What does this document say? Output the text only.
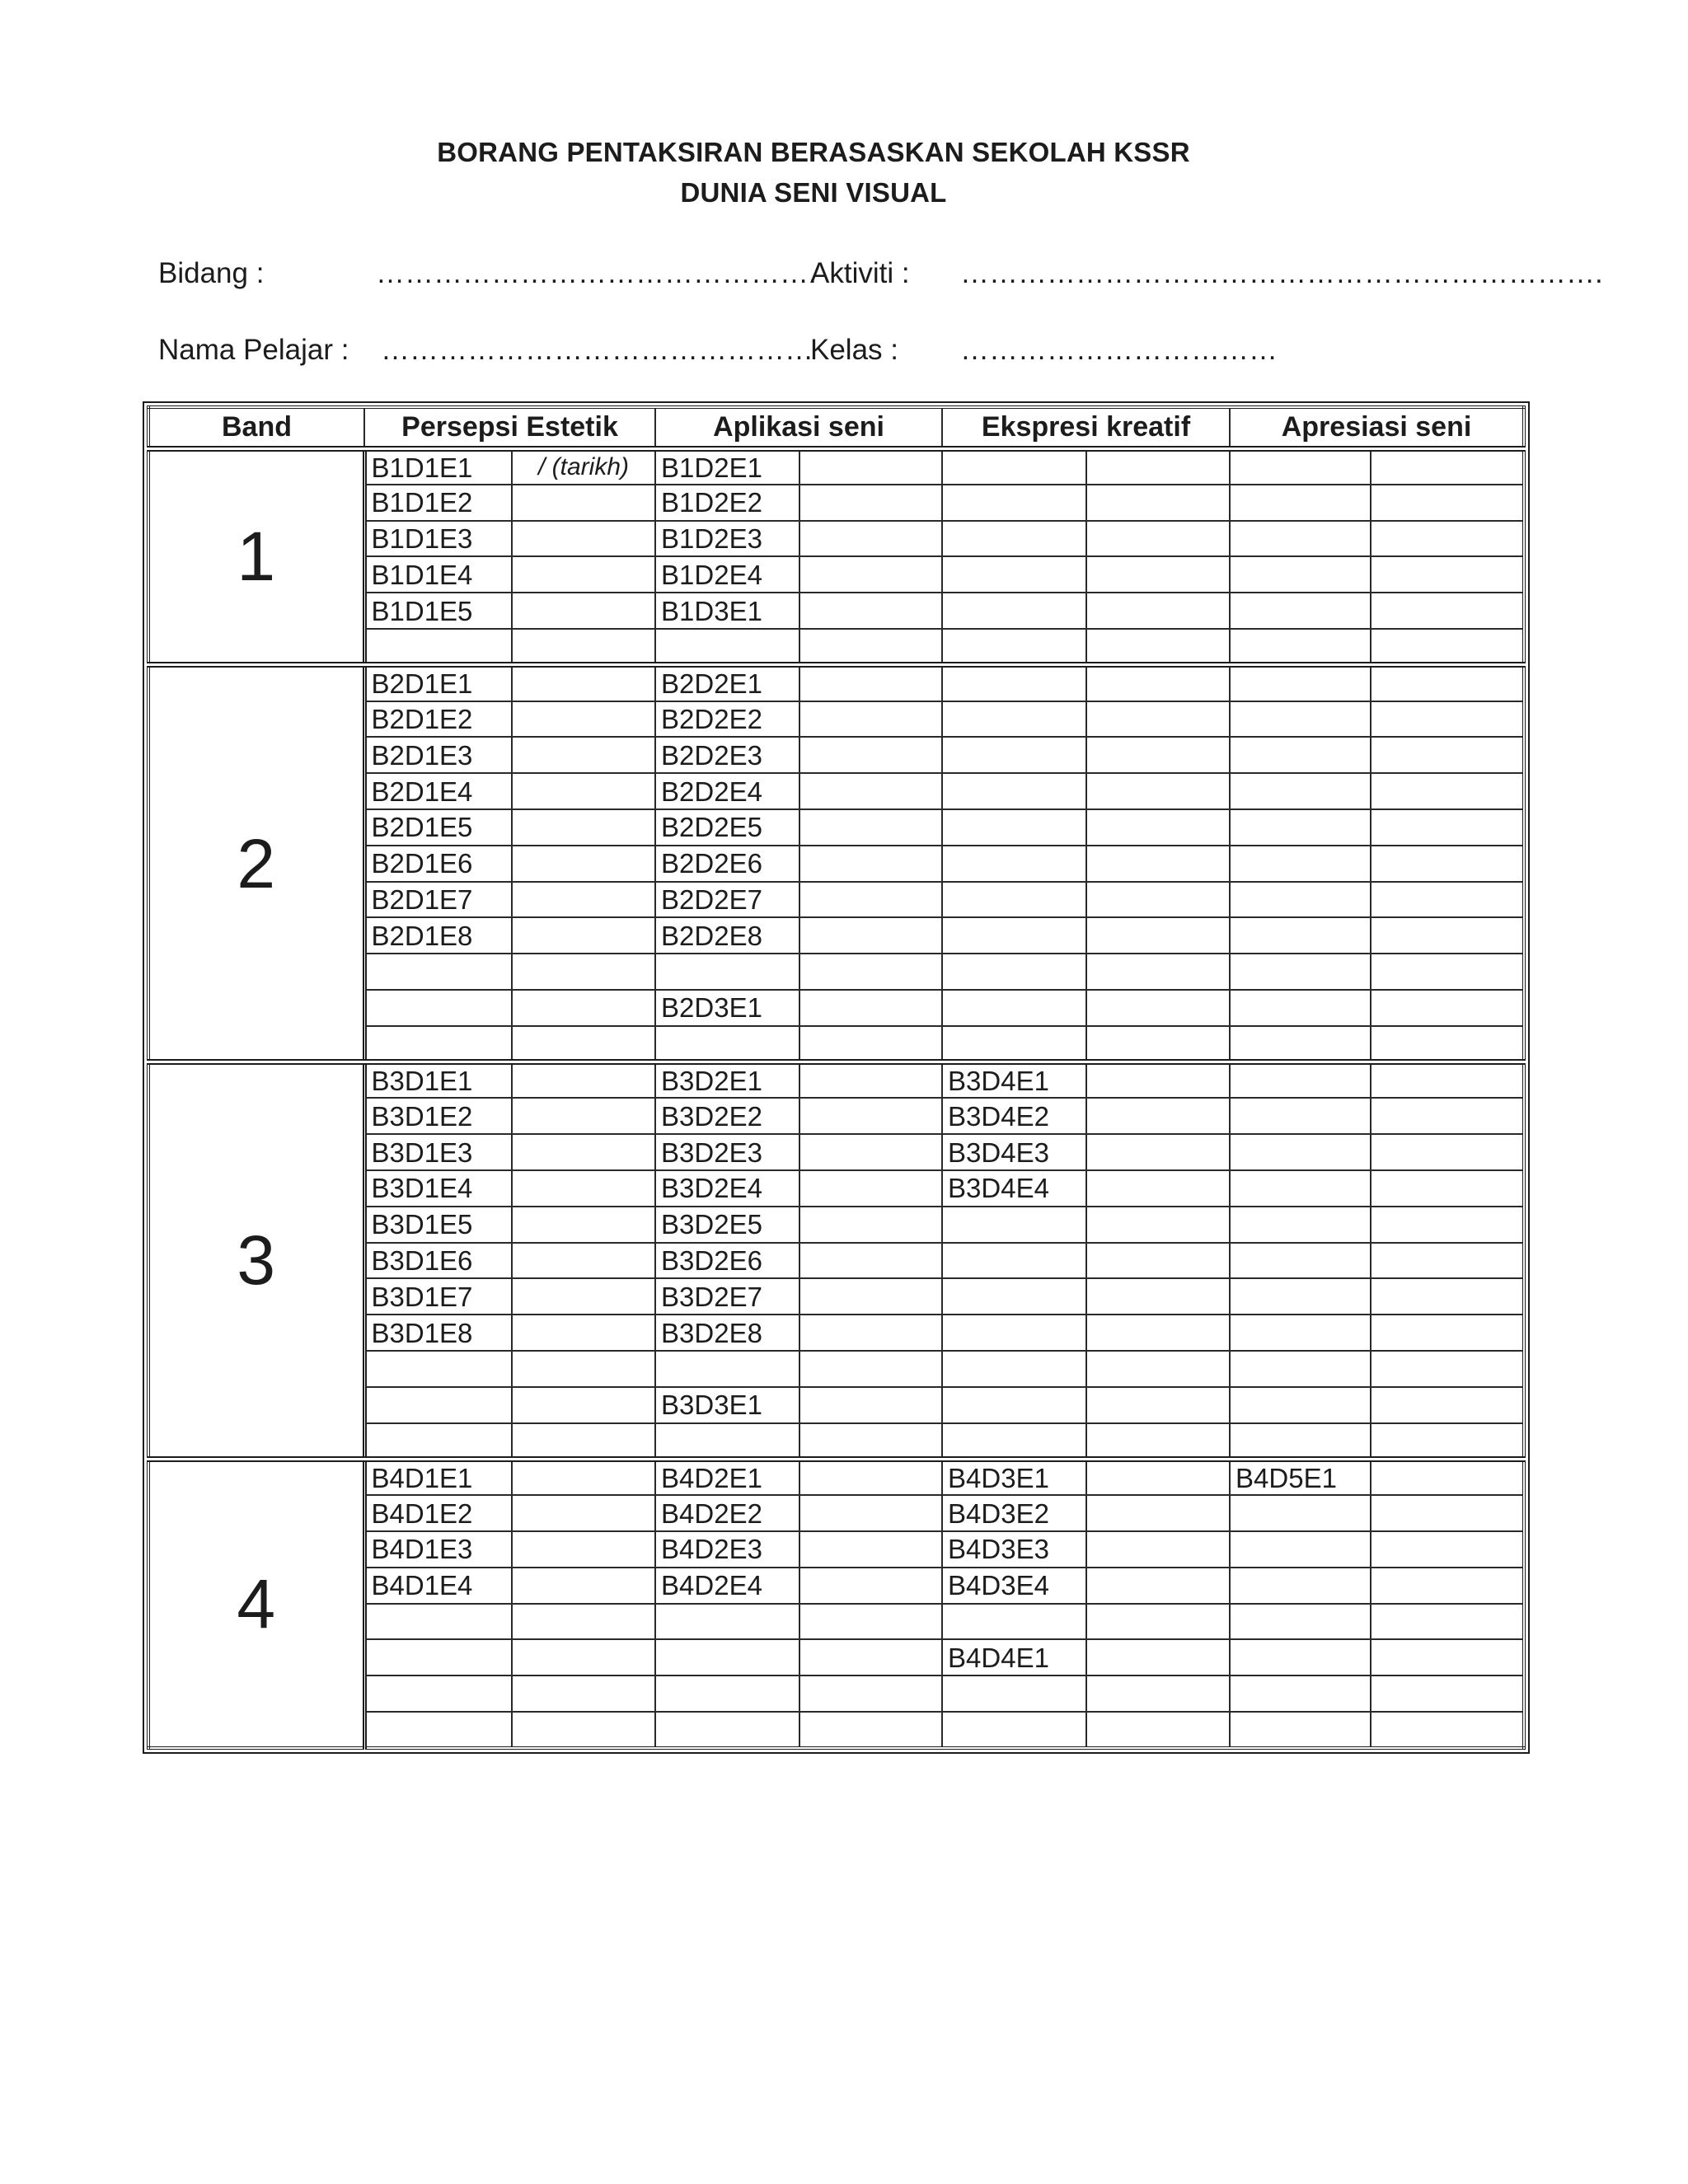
BORANG PENTAKSIRAN BERASASKAN SEKOLAH KSSR
DUNIA SENI VISUAL
Bidang :	……………………………………….
Aktiviti : ………………………………………………………….
Nama Pelajar : ………………………………………
Kelas : ……………………………
Band	Persepsi Estetik		Aplikasi seni		Ekspresi kreatif		Apresiasi seni	
1	B1D1E1	/ (tarikh)	B1D2E1					
	B1D1E2		B1D2E2					
	B1D1E3		B1D2E3					
	B1D1E4		B1D2E4					
	B1D1E5		B1D3E1					

2	B2D1E1		B2D2E1					
	B2D1E2		B2D2E2					
	B2D1E3		B2D2E3					
	B2D1E4		B2D2E4					
	B2D1E5		B2D2E5					
	B2D1E6		B2D2E6					
	B2D1E7		B2D2E7					
	B2D1E8		B2D2E8					

			B2D3E1					

3	B3D1E1		B3D2E1		B3D4E1			
	B3D1E2		B3D2E2		B3D4E2			
	B3D1E3		B3D2E3		B3D4E3			
	B3D1E4		B3D2E4		B3D4E4			
	B3D1E5		B3D2E5					
	B3D1E6		B3D2E6					
	B3D1E7		B3D2E7					
	B3D1E8		B3D2E8					

			B3D3E1					

4	B4D1E1		B4D2E1		B4D3E1		B4D5E1	
	B4D1E2		B4D2E2		B4D3E2			
	B4D1E3		B4D2E3		B4D3E3			
	B4D1E4		B4D2E4		B4D3E4			

					B4D4E1			
